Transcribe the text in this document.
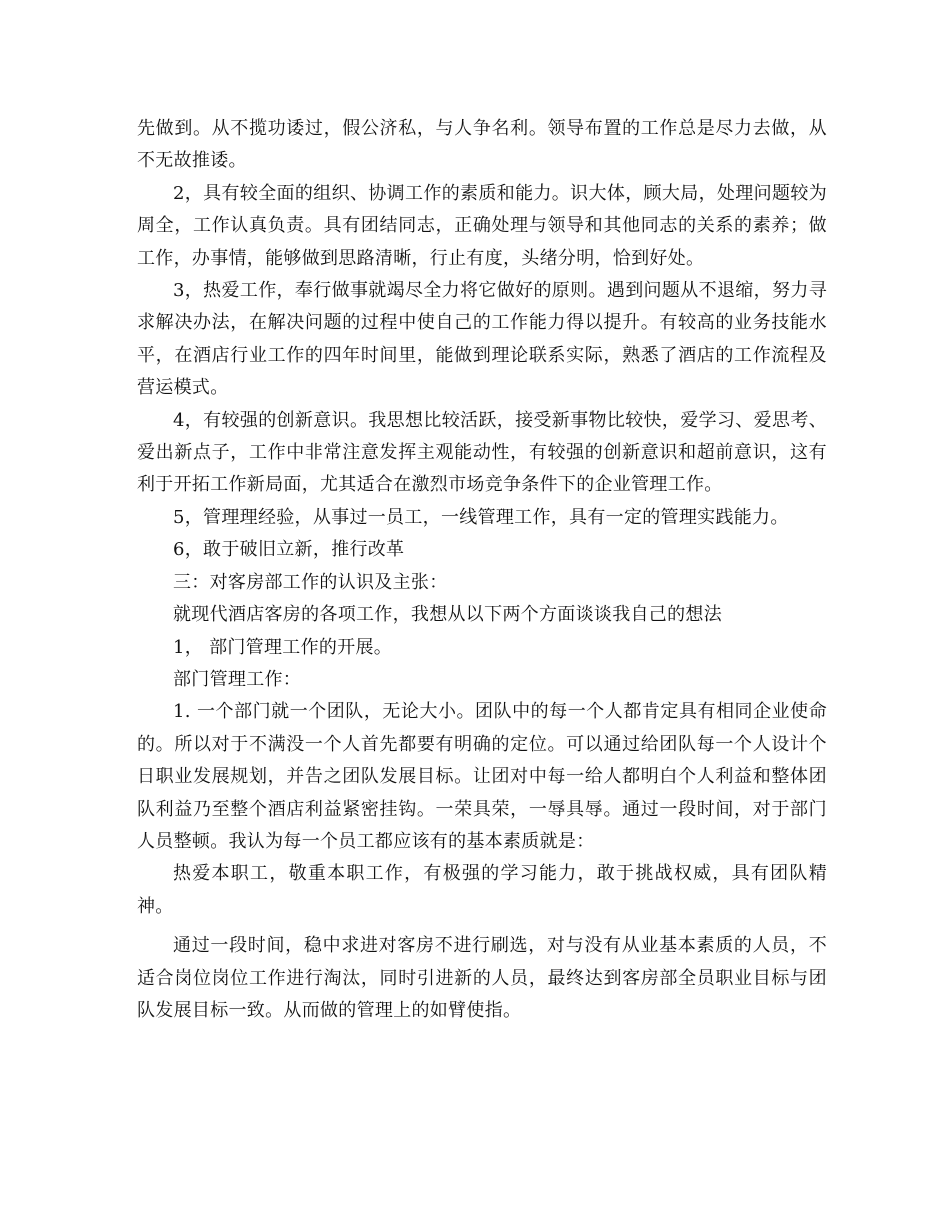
先做到。从不揽功诿过，假公济私，与人争名利。领导布置的工作总是尽力去做，从不无故推诿。

2，具有较全面的组织、协调工作的素质和能力。识大体，顾大局，处理问题较为周全，工作认真负责。具有团结同志，正确处理与领导和其他同志的关系的素养；做工作，办事情，能够做到思路清晰，行止有度，头绪分明，恰到好处。

3，热爱工作，奉行做事就竭尽全力将它做好的原则。遇到问题从不退缩，努力寻求解决办法，在解决问题的过程中使自己的工作能力得以提升。有较高的业务技能水平，在酒店行业工作的四年时间里，能做到理论联系实际，熟悉了酒店的工作流程及营运模式。

4，有较强的创新意识。我思想比较活跃，接受新事物比较快，爱学习、爱思考、爱出新点子，工作中非常注意发挥主观能动性，有较强的创新意识和超前意识，这有利于开拓工作新局面，尤其适合在激烈市场竞争条件下的企业管理工作。

5，管理理经验，从事过一员工，一线管理工作，具有一定的管理实践能力。

6，敢于破旧立新，推行改革

三：对客房部工作的认识及主张：

就现代酒店客房的各项工作，我想从以下两个方面谈谈我自己的想法

1， 部门管理工作的开展。

部门管理工作：

1. 一个部门就一个团队，无论大小。团队中的每一个人都肯定具有相同企业使命的。所以对于不满没一个人首先都要有明确的定位。可以通过给团队每一个人设计个日职业发展规划，并告之团队发展目标。让团对中每一给人都明白个人利益和整体团队利益乃至整个酒店利益紧密挂钩。一荣具荣，一辱具辱。通过一段时间，对于部门人员整顿。我认为每一个员工都应该有的基本素质就是：

热爱本职工，敬重本职工作，有极强的学习能力，敢于挑战权威，具有团队精神。

通过一段时间，稳中求进对客房不进行刷选，对与没有从业基本素质的人员，不适合岗位岗位工作进行淘汰，同时引进新的人员，最终达到客房部全员职业目标与团队发展目标一致。从而做的管理上的如臂使指。
